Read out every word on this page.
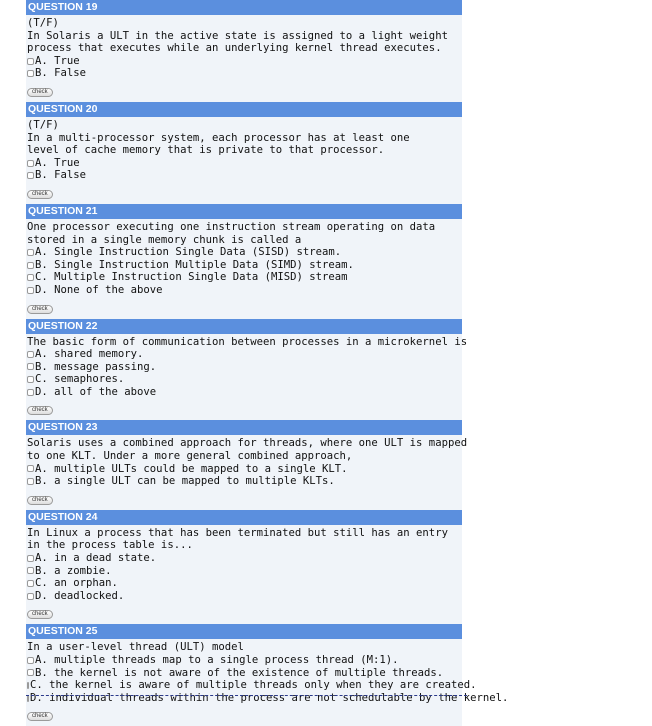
QUESTION 19
(T/F)
In Solaris a ULT in the active state is assigned to a light weight
process that executes while an underlying kernel thread executes.
A. True
B. False
check
QUESTION 20
(T/F)
In a multi-processor system, each processor has at least one
level of cache memory that is private to that processor.
A. True
B. False
check
QUESTION 21
One processor executing one instruction stream operating on data
stored in a single memory chunk is called a
A. Single Instruction Single Data (SISD) stream.
B. Single Instruction Multiple Data (SIMD) stream.
C. Multiple Instruction Single Data (MISD) stream
D. None of the above
check
QUESTION 22
The basic form of communication between processes in a microkernel is
A. shared memory.
B. message passing.
C. semaphores.
D. all of the above
check
QUESTION 23
Solaris uses a combined approach for threads, where one ULT is mapped
to one KLT. Under a more general combined approach,
A. multiple ULTs could be mapped to a single KLT.
B. a single ULT can be mapped to multiple KLTs.
check
QUESTION 24
In Linux a process that has been terminated but still has an entry
in the process table is...
A. in a dead state.
B. a zombie.
C. an orphan.
D. deadlocked.
check
QUESTION 25
In a user-level thread (ULT) model
A. multiple threads map to a single process thread (M:1).
B. the kernel is not aware of the existence of multiple threads.
C. the kernel is aware of multiple threads only when they are created.
D. individual threads within the process are not schedulable by the kernel.
check
